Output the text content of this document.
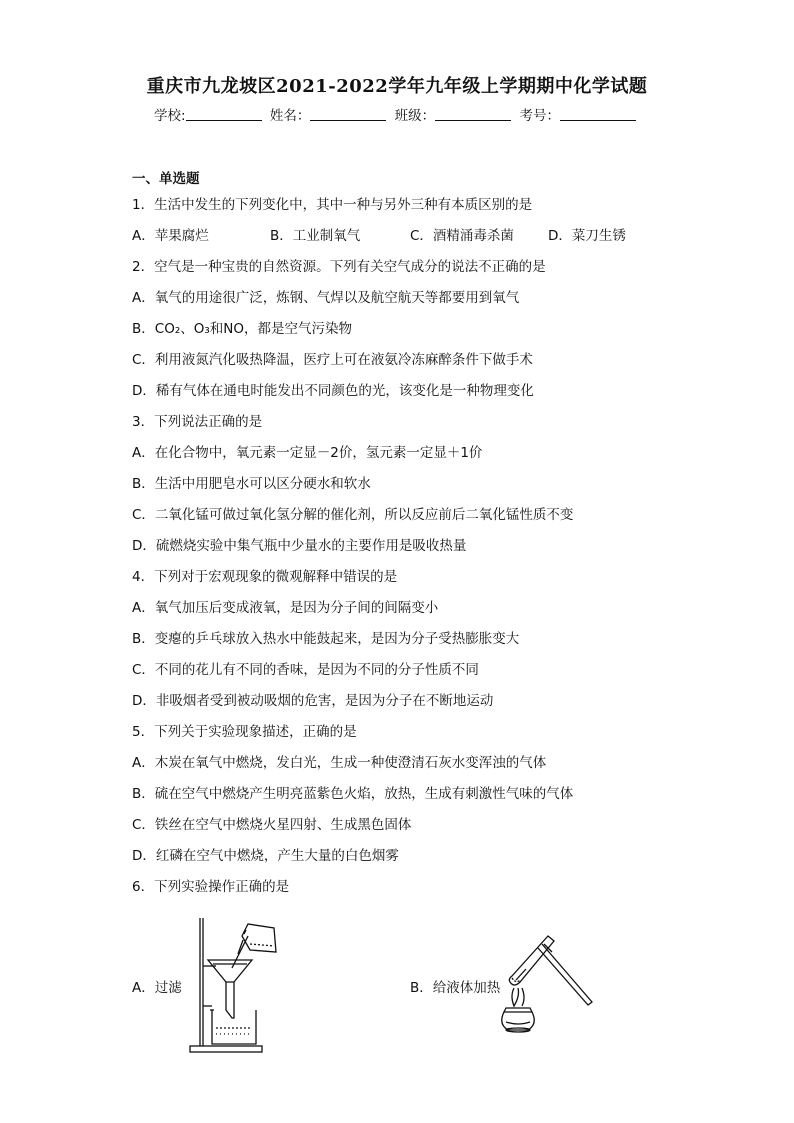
重庆市九龙坡区2021-2022学年九年级上学期期中化学试题
学校:	姓名：	班级：	考号：
一、单选题
1．生活中发生的下列变化中，其中一种与另外三种有本质区别的是
A．苹果腐烂	B．工业制氧气	C．酒精涌毒杀菌	D．菜刀生锈
2．空气是一种宝贵的自然资源。下列有关空气成分的说法不正确的是
A．氧气的用途很广泛，炼钢、气焊以及航空航天等都要用到氧气
B．CO₂、O₃和NO，都是空气污染物
C．利用液氮汽化吸热降温，医疗上可在液氨冷冻麻醉条件下做手术
D．稀有气体在通电时能发出不同颜色的光，该变化是一种物理变化
3．下列说法正确的是
A．在化合物中，氧元素一定显－2价，氢元素一定显＋1价
B．生活中用肥皂水可以区分硬水和软水
C．二氧化锰可做过氧化氢分解的催化剂，所以反应前后二氧化锰性质不变
D．硫燃烧实验中集气瓶中少量水的主要作用是吸收热量
4．下列对于宏观现象的微观解释中错误的是
A．氧气加压后变成液氧，是因为分子间的间隔变小
B．变瘪的乒乓球放入热水中能鼓起来，是因为分子受热膨胀变大
C．不同的花儿有不同的香味，是因为不同的分子性质不同
D．非吸烟者受到被动吸烟的危害，是因为分子在不断地运动
5．下列关于实验现象描述，正确的是
A．木炭在氧气中燃烧，发白光，生成一种使澄清石灰水变浑浊的气体
B．硫在空气中燃烧产生明亮蓝紫色火焰，放热，生成有刺激性气味的气体
C．铁丝在空气中燃烧火星四射、生成黑色固体
D．红磷在空气中燃烧，产生大量的白色烟雾
6．下列实验操作正确的是
A．过滤	B．给液体加热
